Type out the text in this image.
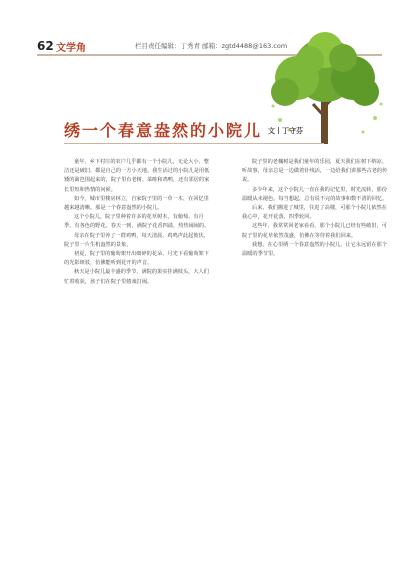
62 文学角	栏目责任编辑：丁秀青 邮箱：zgtd4488@163.com
绣一个春意盎然的小院儿 文丨丁守芬

童年，乡下村庄的农户几乎都有一个小院儿，无论大小，整洁还是破旧，都是自己的一方小天地。我生活过的小院儿是用低矮的篱笆围起来的，院子里有老树、菜畦和鸡鸭，还有邻居的家长里短和热情的问候。

如今，城市里楼房林立，自家院子里的一草一木，在回忆里越来越清晰。那是一个春意盎然的小院儿。

这个小院儿，院子里种着许多的花草树木，有葡萄、有月季、有各色的野花。春天一到，满院子花香四溢，热热闹闹的。

母亲在院子里养了一群鸡鸭，每天清晨，鸡鸣声此起彼伏，院子里一片生机盎然的景象。

初夏，院子里的葡萄架开出细碎的花朵，月光下看葡萄架下的光影斑驳，仿佛能听到花开的声音。

秋天是小院儿最丰盛的季节，满院的果实挂满枝头，大人们忙着收获，孩子们在院子里嬉戏打闹。

院子里的老槐树是我们童年的乐园，夏天我们在树下纳凉、听故事，母亲总是一边做着针线活，一边给我们讲那些古老的传说。

多少年来，这个小院儿一直在我的记忆里，时光流转，那份温暖从未褪色。每当想起，总有说不完的故事和数不清的回忆。

后来，我们搬进了城里，住进了高楼，可那个小院儿依然在我心中，花开花落，四季轮回。

这些年，我常常回老家看看，那个小院儿已经有些破旧，可院子里的花草依然茂盛，仿佛在等待着我们回来。

我想，在心里绣一个春意盎然的小院儿，让它永远留在那个温暖的季节里。
